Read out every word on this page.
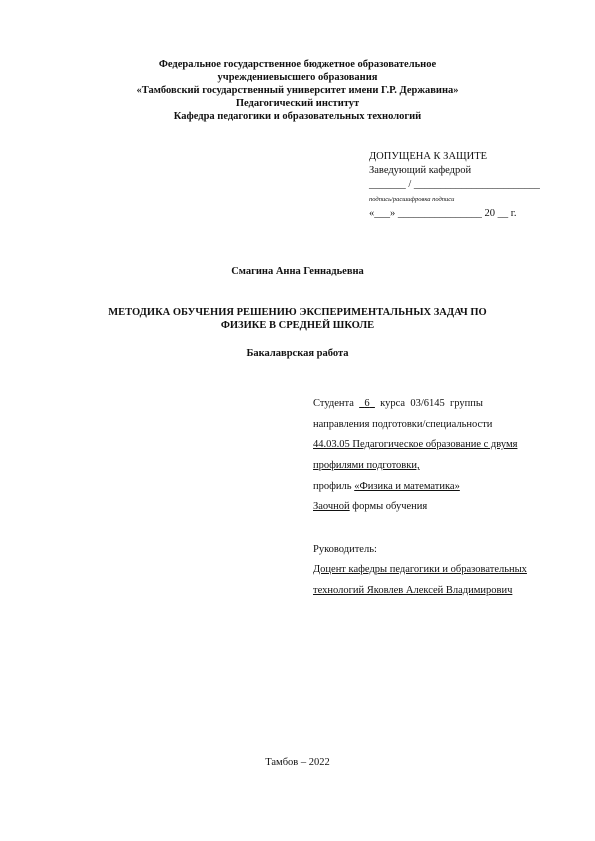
Федеральное государственное бюджетное образовательное
учреждениевысшего образования
«Тамбовский государственный университет имени Г.Р. Державина»
Педагогический институт
Кафедра педагогики и образовательных технологий
ДОПУЩЕНА К ЗАЩИТЕ
Заведующий кафедрой
_______ / ________________________
подпись/расшифровка подписи
«___» ________________ 20 __ г.
Смагина Анна Геннадьевна
МЕТОДИКА ОБУЧЕНИЯ РЕШЕНИЮ ЭКСПЕРИМЕНТАЛЬНЫХ ЗАДАЧ ПО
ФИЗИКЕ В СРЕДНЕЙ ШКОЛЕ
Бакалаврская работа
Студента 6 курса 03/6145 группы
направления подготовки/специальности
44.03.05 Педагогическое образование с двумя
профилями подготовки,
профиль «Физика и математика»
Заочной формы обучения
Руководитель:
Доцент кафедры педагогики и образовательных
технологий Яковлев Алексей Владимирович
Тамбов – 2022
